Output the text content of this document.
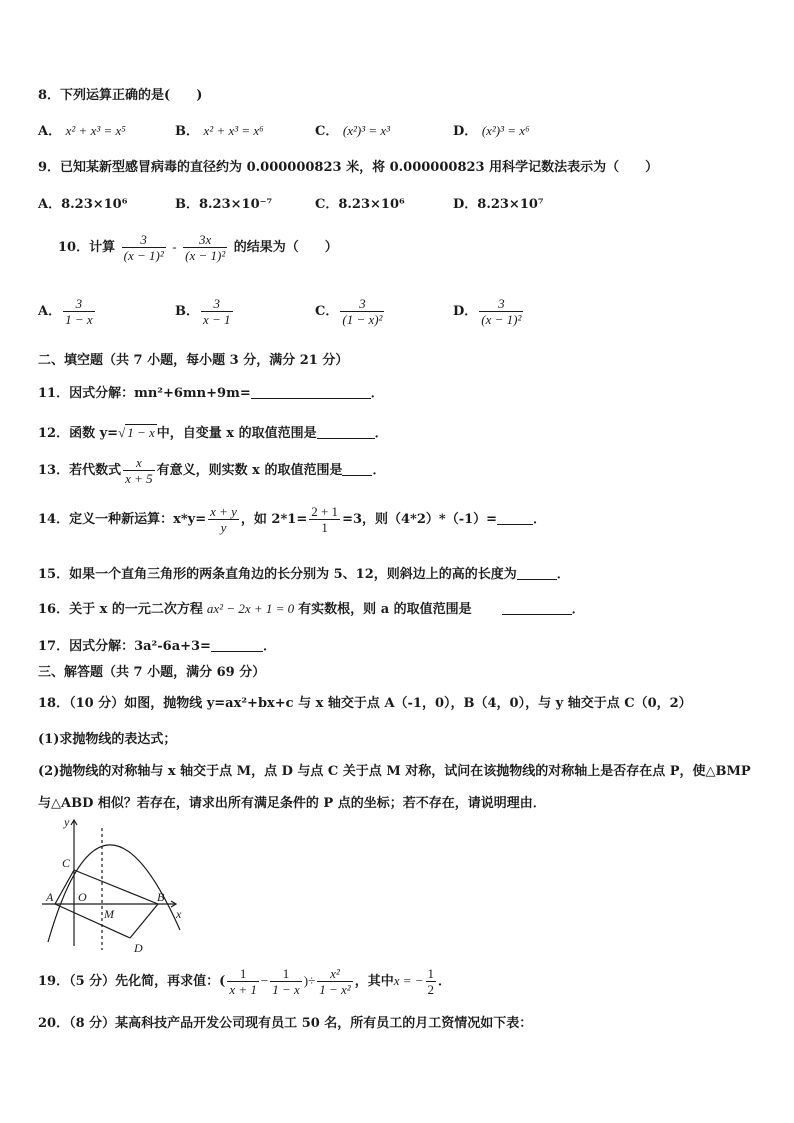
8．下列运算正确的是(　　)
A． x² + x³ = x⁵	B． x² + x³ = x⁶	C． (x²)³ = x³	D． (x²)³ = x⁶
9．已知某新型感冒病毒的直径约为 0.000000823 米，将 0.000000823 用科学记数法表示为（　　）
A．8.23×10⁶	B．8.23×10⁻⁷	C．8.23×10⁶	D．8.23×10⁷
10．计算 $\frac{3}{\text{(x − 1)²}} - \frac{3x}{\text{(x − 1)²}}$ 的结果为（　　）
A． $\frac{3}{1 - x}$	B． $\frac{3}{x - 1}$	C． $\frac{3}{\text{(1 − x)²}}$	D． $\frac{3}{\text{(x − 1)²}}$
二、填空题（共 7 小题，每小题 3 分，满分 21 分）
11．因式分解：mn²+6mn+9m=	．
12．函数 y=√ 1 − x 中，自变量 x 的取值范围是	．
13．若代数式 $\frac{x}{x + 5}$ 有意义，则实数 x 的取值范围是 ．
14．定义一种新运算：$x*y= \frac{x + y}{y}$ ，如 $2*1= \frac{2 + 1}{1} =3$，则（4*2）*（-1）=	．
15．如果一个直角三角形的两条直角边的长分别为 5、12，则斜边上的高的长度为	．
16．关于 x 的一元二次方程 ax² − 2x + 1 = 0 有实数根，则 a 的取值范围是	．
17．因式分解：3a²-6a+3=	．
三、解答题（共 7 小题，满分 69 分）
18．（10 分）如图，抛物线 y=ax²+bx+c 与 x 轴交于点 A（-1，0），B（4，0），与 y 轴交于点 C（0，2）
(1)求抛物线的表达式；
(2)抛物线的对称轴与 x 轴交于点 M，点 D 与点 C 关于点 M 对称，试问在该抛物线的对称轴上是否存在点 P，使△BMP
与△ABD 相似？若存在，请求出所有满足条件的 P 点的坐标；若不存在，请说明理由．
y
x
C
O
A	B
M
D
19．（5 分）先化简，再求值：( $\frac{1}{x + 1} - \frac{1}{1 - x}$ )÷ $\frac{\text{x²}}{\text{1 − x²}}$ ，其中x = − $\frac{1}{2}$ ．
20．（8 分）某高科技产品开发公司现有员工 50 名，所有员工的月工资情况如下表：
